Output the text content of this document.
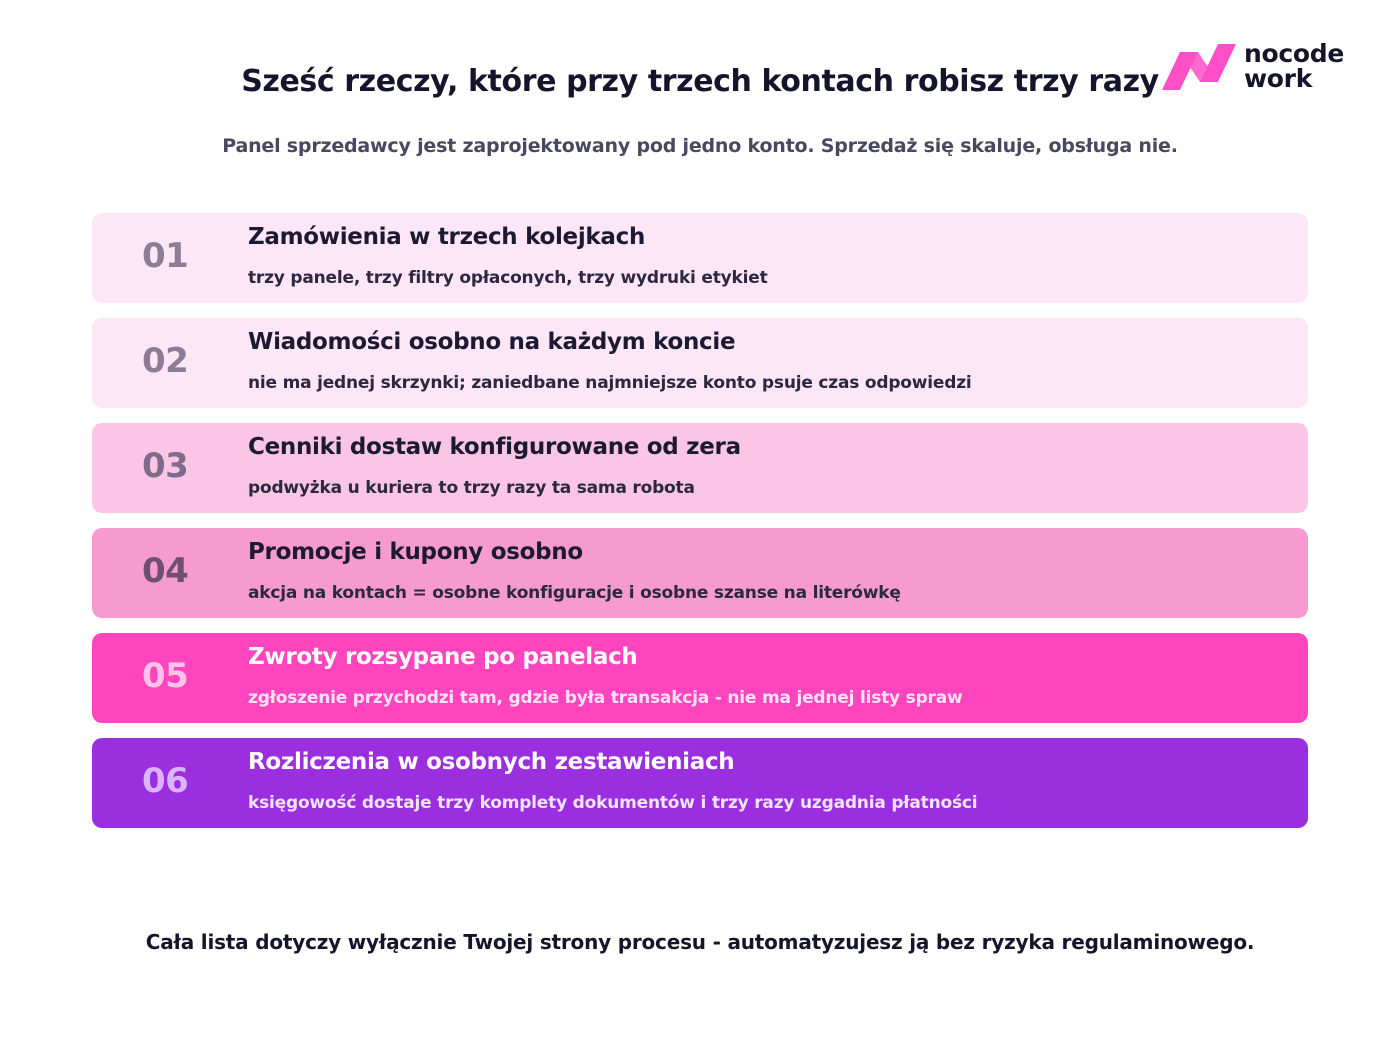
nocode
work
Sześć rzeczy, które przy trzech kontach robisz trzy razy

Panel sprzedawcy jest zaprojektowany pod jedno konto. Sprzedaż się skaluje, obsługa nie.

01	Zamówienia w trzech kolejkach
trzy panele, trzy filtry opłaconych, trzy wydruki etykiet
02	Wiadomości osobno na każdym koncie
nie ma jednej skrzynki; zaniedbane najmniejsze konto psuje czas odpowiedzi
03	Cenniki dostaw konfigurowane od zera
podwyżka u kuriera to trzy razy ta sama robota
04	Promocje i kupony osobno
akcja na kontach = osobne konfiguracje i osobne szanse na literówkę
05	Zwroty rozsypane po panelach
zgłoszenie przychodzi tam, gdzie była transakcja - nie ma jednej listy spraw
06	Rozliczenia w osobnych zestawieniach
księgowość dostaje trzy komplety dokumentów i trzy razy uzgadnia płatności

Cała lista dotyczy wyłącznie Twojej strony procesu - automatyzujesz ją bez ryzyka regulaminowego.
